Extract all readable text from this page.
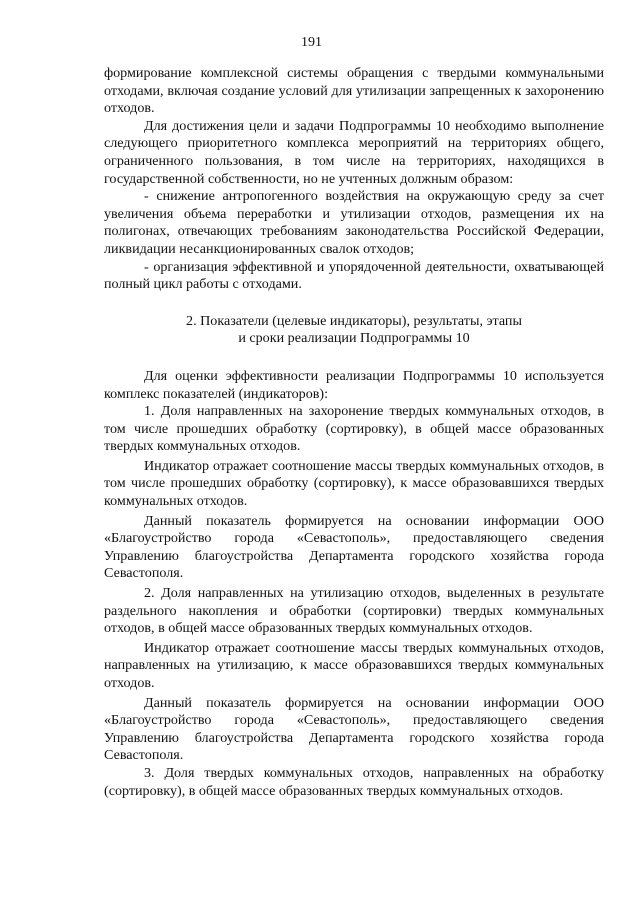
191

формирование комплексной системы обращения с твердыми коммунальными отходами, включая создание условий для утилизации запрещенных к захоронению отходов.

Для достижения цели и задачи Подпрограммы 10 необходимо выполнение следующего приоритетного комплекса мероприятий на территориях общего, ограниченного пользования, в том числе на территориях, находящихся в государственной собственности, но не учтенных должным образом:

- снижение антропогенного воздействия на окружающую среду за счет увеличения объема переработки и утилизации отходов, размещения их на полигонах, отвечающих требованиям законодательства Российской Федерации, ликвидации несанкционированных свалок отходов;

- организация эффективной и упорядоченной деятельности, охватывающей полный цикл работы с отходами.

2. Показатели (целевые индикаторы), результаты, этапы
и сроки реализации Подпрограммы 10

Для оценки эффективности реализации Подпрограммы 10 используется комплекс показателей (индикаторов):

1. Доля направленных на захоронение твердых коммунальных отходов, в том числе прошедших обработку (сортировку), в общей массе образованных твердых коммунальных отходов.

Индикатор отражает соотношение массы твердых коммунальных отходов, в том числе прошедших обработку (сортировку), к массе образовавшихся твердых коммунальных отходов.

Данный показатель формируется на основании информации ООО «Благоустройство города «Севастополь», предоставляющего сведения Управлению благоустройства Департамента городского хозяйства города Севастополя.

2. Доля направленных на утилизацию отходов, выделенных в результате раздельного накопления и обработки (сортировки) твердых коммунальных отходов, в общей массе образованных твердых коммунальных отходов.

Индикатор отражает соотношение массы твердых коммунальных отходов, направленных на утилизацию, к массе образовавшихся твердых коммунальных отходов.

Данный показатель формируется на основании информации ООО «Благоустройство города «Севастополь», предоставляющего сведения Управлению благоустройства Департамента городского хозяйства города Севастополя.

3. Доля твердых коммунальных отходов, направленных на обработку (сортировку), в общей массе образованных твердых коммунальных отходов.
